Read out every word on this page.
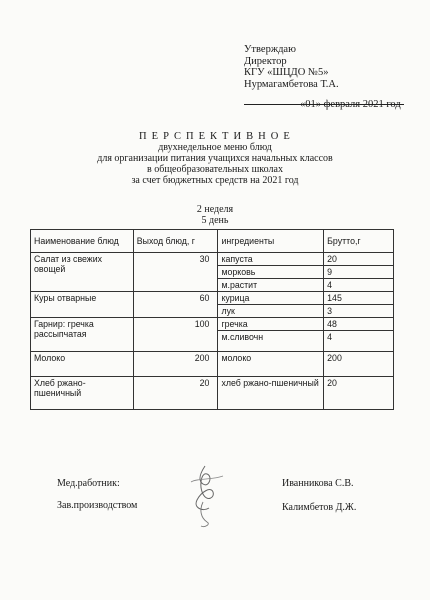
Утверждаю
Директор
КГУ «ШЦДО №5»
Нурмагамбетова Т.А.
«01» февраля 2021 год
П Е Р С П Е К Т И В Н О Е
двухнедельное меню блюд
для организации питания учащихся начальных классов
в общеобразовательных школах
за счет бюджетных средств на 2021 год
2 неделя
5 день
Наименование блюд	Выход блюд, г	ингредиенты	Брутто,г
Салат из свежих овощей	30	капуста	20
		морковь	9
		м.растит	4
Куры отварные	60	курица	145
		лук	3
Гарнир: гречка рассыпчатая	100	гречка	48
		м.сливочн	4
Молоко	200	молоко	200
Хлеб ржано-пшеничный	20	хлеб ржано-пшеничный	20
Мед.работник:	Иванникова С.В.
Зав.производством	Калимбетов Д.Ж.
